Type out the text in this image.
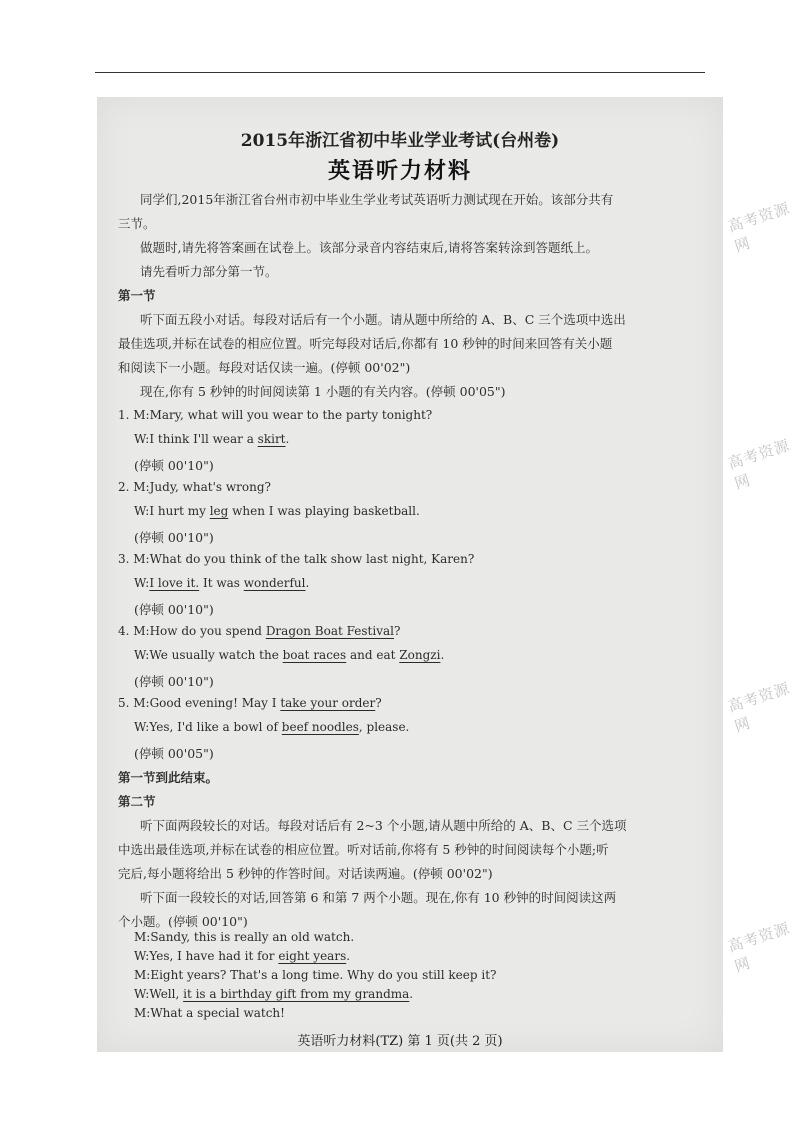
高考资源网
高考资源网
高考资源网
高考资源网
2015年浙江省初中毕业学业考试(台州卷)
英语听力材料
同学们,2015年浙江省台州市初中毕业生学业考试英语听力测试现在开始。该部分共有
三节。
做题时,请先将答案画在试卷上。该部分录音内容结束后,请将答案转涂到答题纸上。
请先看听力部分第一节。
第一节
听下面五段小对话。每段对话后有一个小题。请从题中所给的 A、B、C 三个选项中选出
最佳选项,并标在试卷的相应位置。听完每段对话后,你都有 10 秒钟的时间来回答有关小题
和阅读下一小题。每段对话仅读一遍。(停顿 00'02")
现在,你有 5 秒钟的时间阅读第 1 小题的有关内容。(停顿 00'05")
1. M:Mary, what will you wear to the party tonight?
W:I think I'll wear a skirt.
(停顿 00'10")
2. M:Judy, what's wrong?
W:I hurt my leg when I was playing basketball.
(停顿 00'10")
3. M:What do you think of the talk show last night, Karen?
W:I love it. It was wonderful.
(停顿 00'10")
4. M:How do you spend Dragon Boat Festival?
W:We usually watch the boat races and eat Zongzi.
(停顿 00'10")
5. M:Good evening! May I take your order?
W:Yes, I'd like a bowl of beef noodles, please.
(停顿 00'05")
第一节到此结束。
第二节
听下面两段较长的对话。每段对话后有 2~3 个小题,请从题中所给的 A、B、C 三个选项
中选出最佳选项,并标在试卷的相应位置。听对话前,你将有 5 秒钟的时间阅读每个小题;听
完后,每小题将给出 5 秒钟的作答时间。对话读两遍。(停顿 00'02")
听下面一段较长的对话,回答第 6 和第 7 两个小题。现在,你有 10 秒钟的时间阅读这两
个小题。(停顿 00'10")
M:Sandy, this is really an old watch.
W:Yes, I have had it for eight years.
M:Eight years? That's a long time. Why do you still keep it?
W:Well, it is a birthday gift from my grandma.
英语听力材料(TZ) 第 1 页(共 2 页)
M:What a special watch!
